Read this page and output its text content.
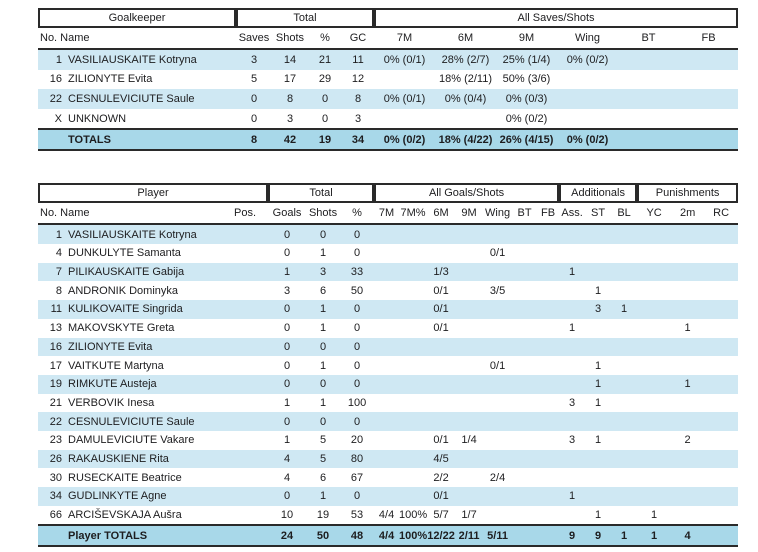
Goalkeeper		Total				All Saves/Shots					
No. Name		Saves	Shots	%	GC	7M	6M	9M	Wing	BT	FB
1	VASILIAUSKAITE Kotryna	3	14	21	11	0% (0/1)	28% (2/7)	25% (1/4)	0% (0/2)		
16	ZILIONYTE Evita	5	17	29	12		18% (2/11)	50% (3/6)			
22	CESNULEVICIUTE Saule	0	8	0	8	0% (0/1)	0% (0/4)	0% (0/3)			
X	UNKNOWN	0	3	0	3			0% (0/2)			
TOTALS		8	42	19	34	0% (0/2)	18% (4/22)	26% (4/15)	0% (0/2)		
Player			Total			All Goals/Shots							Additionals			Punishments		
No. Name		Pos.	Goals	Shots	%	7M	7M%	6M	9M	Wing	BT	FB	Ass.	ST	BL	YC	2m	RC
1	VASILIAUSKAITE Kotryna		0	0	0													
4	DUNKULYTE Samanta		0	1	0					0/1								
7	PILIKAUSKAITE Gabija		1	3	33			1/3					1					
8	ANDRONIK Dominyka		3	6	50			0/1		3/5				1				
11	KULIKOVAITE Singrida		0	1	0			0/1						3	1			
13	MAKOVSKYTE Greta		0	1	0			0/1					1				1	
16	ZILIONYTE Evita		0	0	0													
17	VAITKUTE Martyna		0	1	0					0/1				1				
19	RIMKUTE Austeja		0	0	0									1			1	
21	VERBOVIK Inesa		1	1	100								3	1				
22	CESNULEVICIUTE Saule		0	0	0													
23	DAMULEVICIUTE Vakare		1	5	20			0/1	1/4				3	1			2	
26	RAKAUSKIENE Rita		4	5	80			4/5										
30	RUSECKAITE Beatrice		4	6	67			2/2		2/4								
34	GUDLINKYTE Agne		0	1	0			0/1					1					
66	ARCIŠEVSKAJA Aušra		10	19	53	4/4	100%	5/7	1/7					1		1		
Player TOTALS			24	50	48	4/4	100%	12/22	2/11	5/11			9	9	1	1	4	
